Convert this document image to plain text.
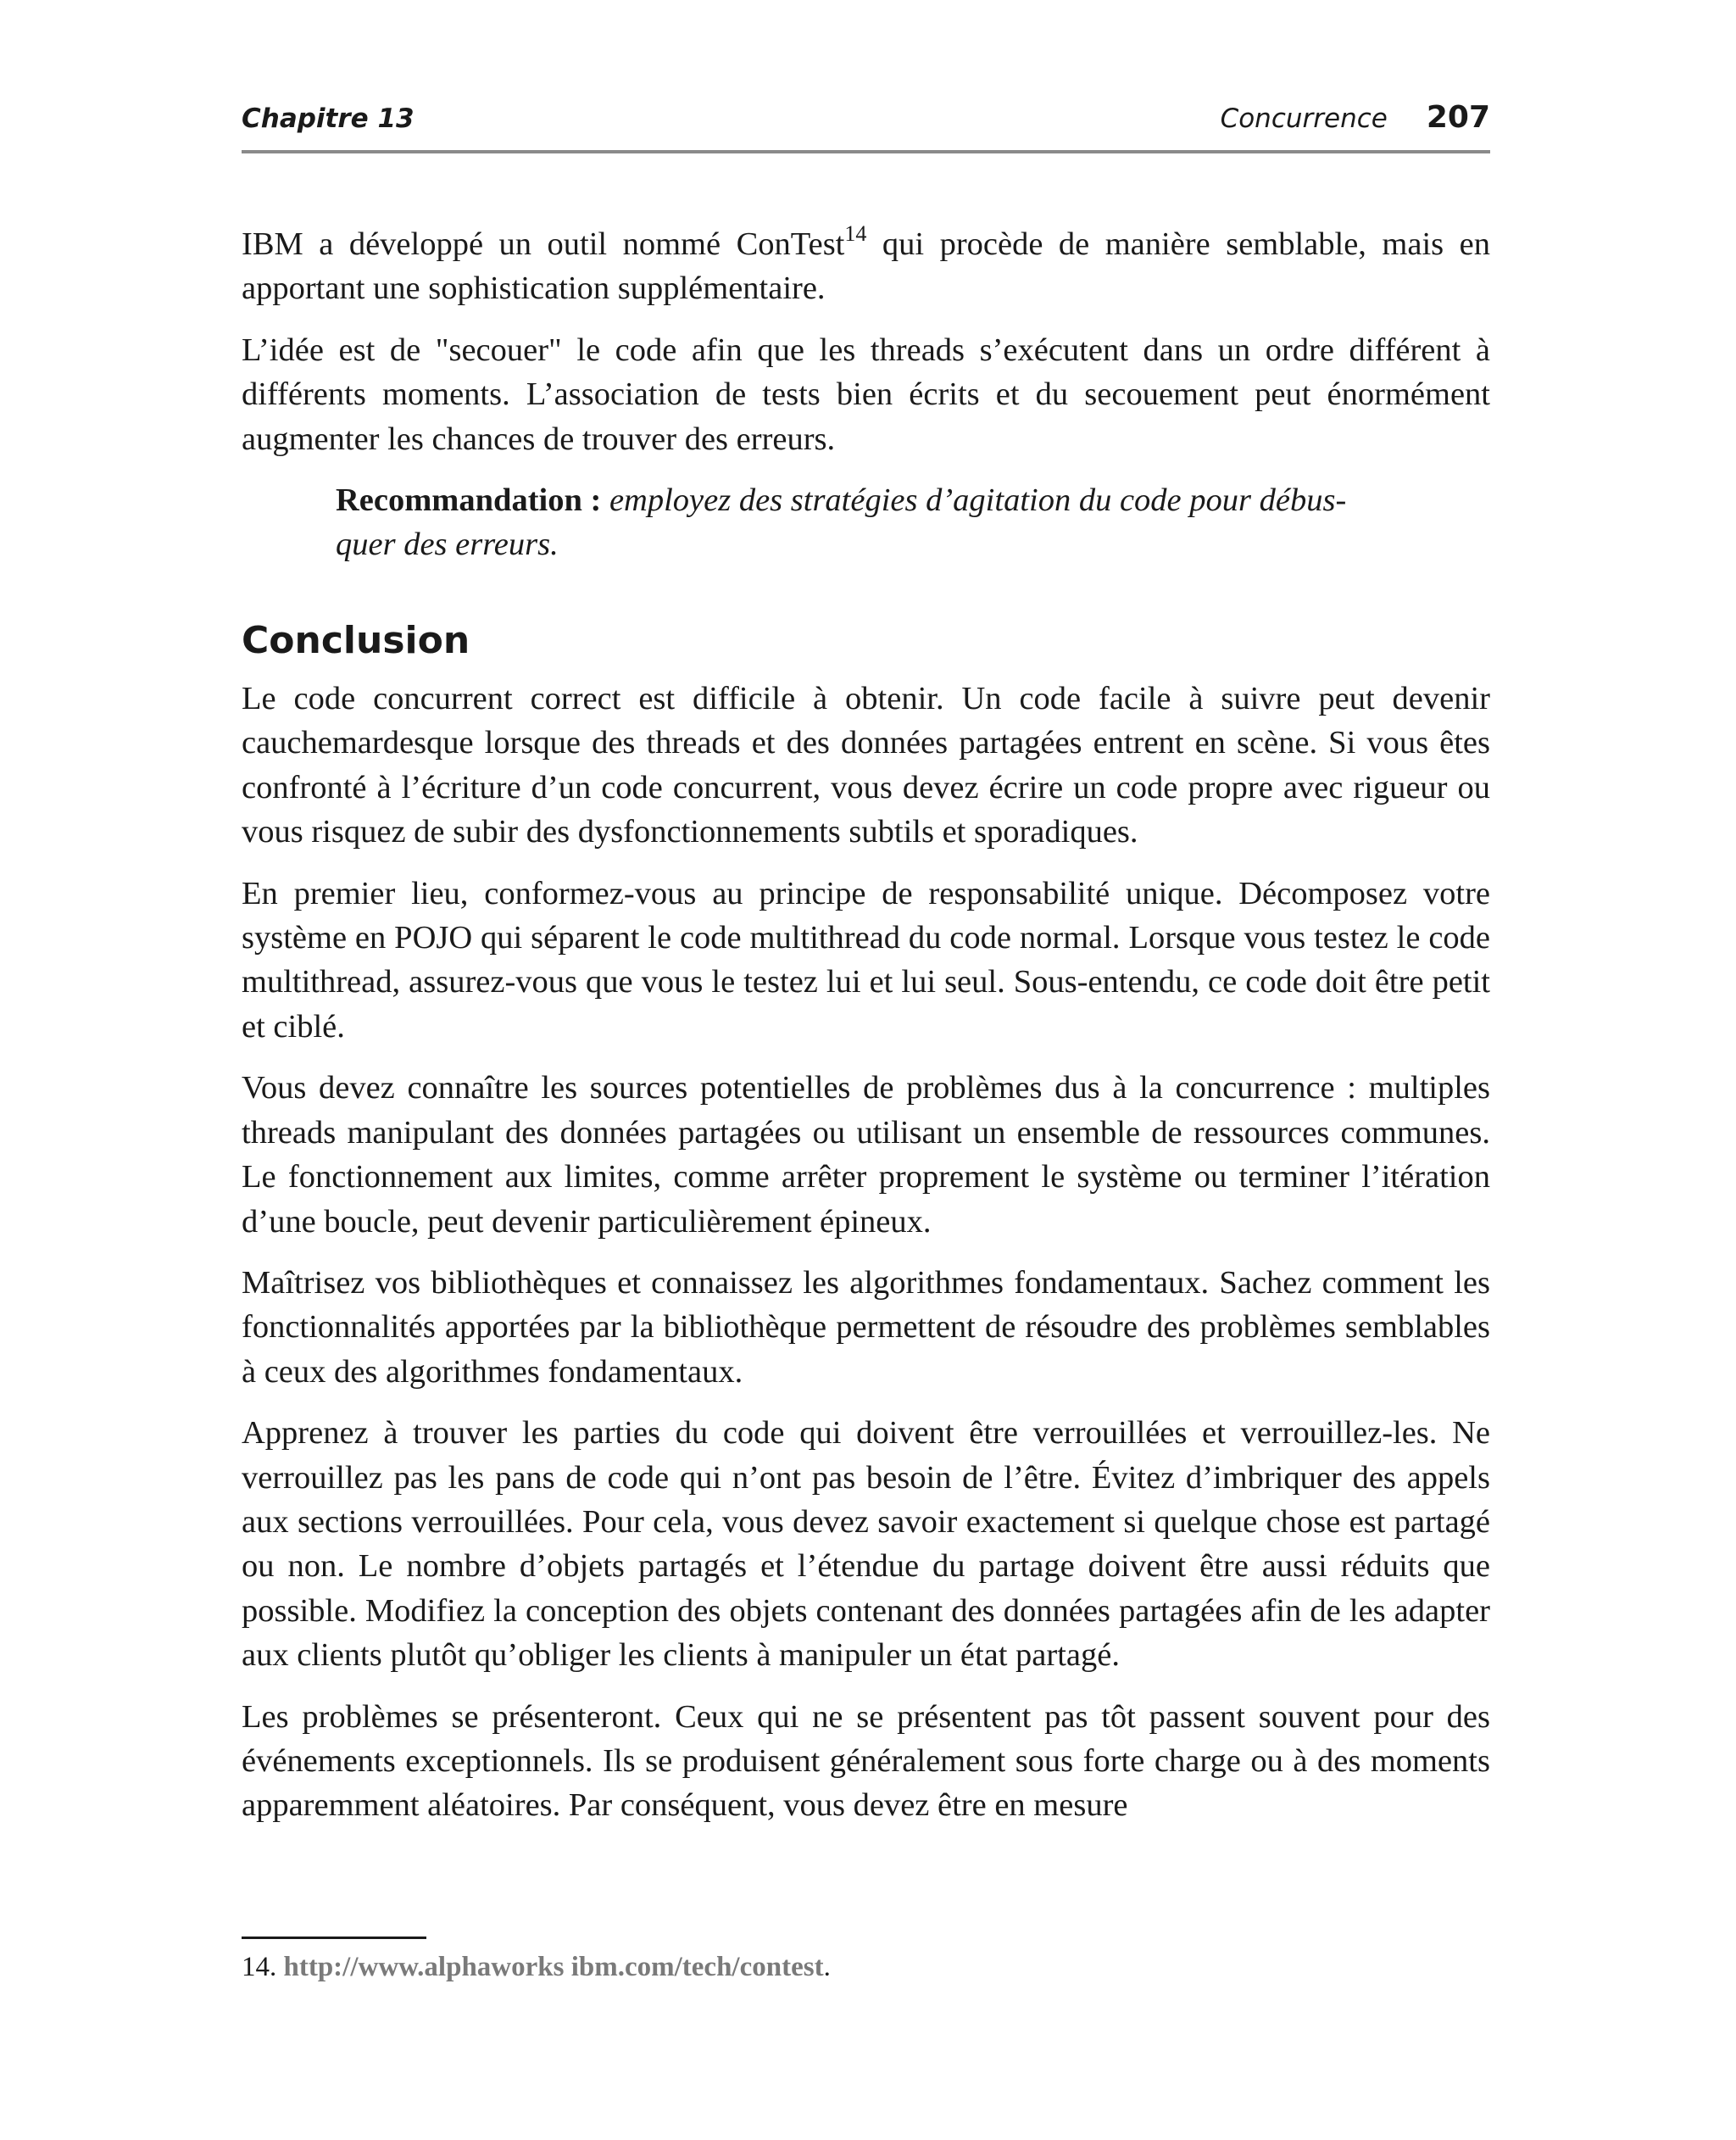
Chapitre 13	Concurrence 207

IBM a développé un outil nommé ConTest$^{14}$ qui procède de manière semblable, mais en apportant une sophistication supplémentaire.

L’idée est de "secouer" le code afin que les threads s’exécutent dans un ordre différent à différents moments. L’association de tests bien écrits et du secouement peut énormément augmenter les chances de trouver des erreurs.

Recommandation : employez des stratégies d’agitation du code pour débusquer des erreurs.
Conclusion

Le code concurrent correct est difficile à obtenir. Un code facile à suivre peut devenir cauchemardesque lorsque des threads et des données partagées entrent en scène. Si vous êtes confronté à l’écriture d’un code concurrent, vous devez écrire un code propre avec rigueur ou vous risquez de subir des dysfonctionnements subtils et sporadiques.

En premier lieu, conformez-vous au principe de responsabilité unique. Décomposez votre système en POJO qui séparent le code multithread du code normal. Lorsque vous testez le code multithread, assurez-vous que vous le testez lui et lui seul. Sous-entendu, ce code doit être petit et ciblé.

Vous devez connaître les sources potentielles de problèmes dus à la concurrence : multiples threads manipulant des données partagées ou utilisant un ensemble de ressources communes. Le fonctionnement aux limites, comme arrêter proprement le système ou terminer l’itération d’une boucle, peut devenir particulièrement épineux.

Maîtrisez vos bibliothèques et connaissez les algorithmes fondamentaux. Sachez comment les fonctionnalités apportées par la bibliothèque permettent de résoudre des problèmes semblables à ceux des algorithmes fondamentaux.

Apprenez à trouver les parties du code qui doivent être verrouillées et verrouillez-les. Ne verrouillez pas les pans de code qui n’ont pas besoin de l’être. Évitez d’imbriquer des appels aux sections verrouillées. Pour cela, vous devez savoir exactement si quelque chose est partagé ou non. Le nombre d’objets partagés et l’étendue du partage doivent être aussi réduits que possible. Modifiez la conception des objets contenant des données partagées afin de les adapter aux clients plutôt qu’obliger les clients à manipuler un état partagé.

Les problèmes se présenteront. Ceux qui ne se présentent pas tôt passent souvent pour des événements exceptionnels. Ils se produisent généralement sous forte charge ou à des moments apparemment aléatoires. Par conséquent, vous devez être en mesure

14. http://www.alphaworks ibm.com/tech/contest.
